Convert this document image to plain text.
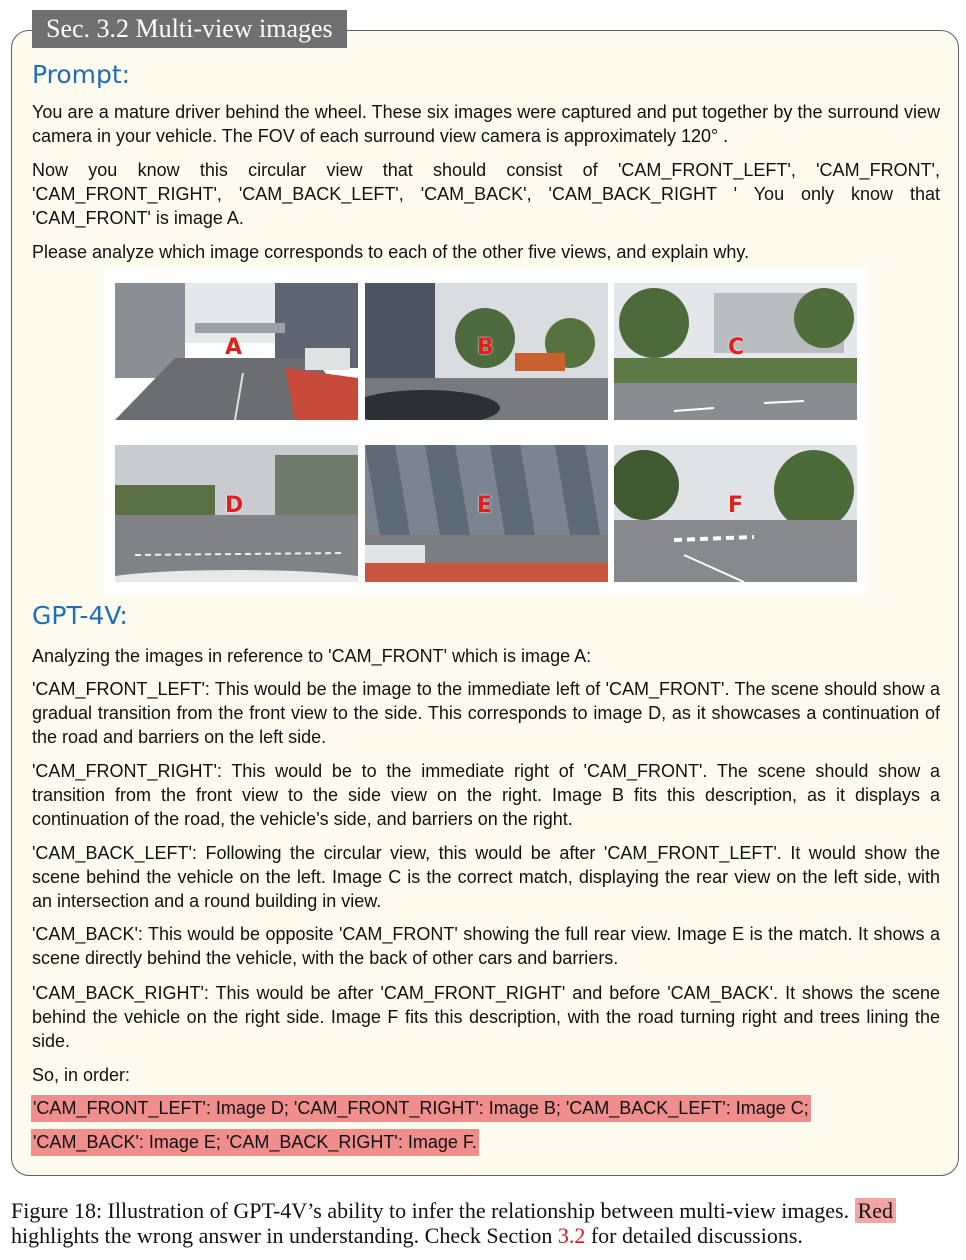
Sec. 3.2 Multi-view images
Prompt:
You are a mature driver behind the wheel. These six images were captured and put together by the surround view camera in your vehicle. The FOV of each surround view camera is approximately 120° .
Now you know this circular view that should consist of 'CAM_FRONT_LEFT', 'CAM_FRONT', 'CAM_FRONT_RIGHT', 'CAM_BACK_LEFT', 'CAM_BACK', 'CAM_BACK_RIGHT ' You only know that 'CAM_FRONT' is image A.
Please analyze which image corresponds to each of the other five views, and explain why.
A	B	C
D	E	F
GPT-4V:
Analyzing the images in reference to 'CAM_FRONT' which is image A:
'CAM_FRONT_LEFT': This would be the image to the immediate left of 'CAM_FRONT'. The scene should show a gradual transition from the front view to the side. This corresponds to image D, as it showcases a continuation of the road and barriers on the left side.
'CAM_FRONT_RIGHT': This would be to the immediate right of 'CAM_FRONT'. The scene should show a transition from the front view to the side view on the right. Image B fits this description, as it displays a continuation of the road, the vehicle's side, and barriers on the right.
'CAM_BACK_LEFT': Following the circular view, this would be after 'CAM_FRONT_LEFT'. It would show the scene behind the vehicle on the left. Image C is the correct match, displaying the rear view on the left side, with an intersection and a round building in view.
'CAM_BACK': This would be opposite 'CAM_FRONT' showing the full rear view. Image E is the match. It shows a scene directly behind the vehicle, with the back of other cars and barriers.
'CAM_BACK_RIGHT': This would be after 'CAM_FRONT_RIGHT' and before 'CAM_BACK'. It shows the scene behind the vehicle on the right side. Image F fits this description, with the road turning right and trees lining the side.
So, in order:
'CAM_FRONT_LEFT': Image D; 'CAM_FRONT_RIGHT': Image B; 'CAM_BACK_LEFT': Image C;
'CAM_BACK': Image E; 'CAM_BACK_RIGHT': Image F.
Figure 18: Illustration of GPT-4V’s ability to infer the relationship between multi-view images. Red
highlights the wrong answer in understanding. Check Section 3.2 for detailed discussions.
